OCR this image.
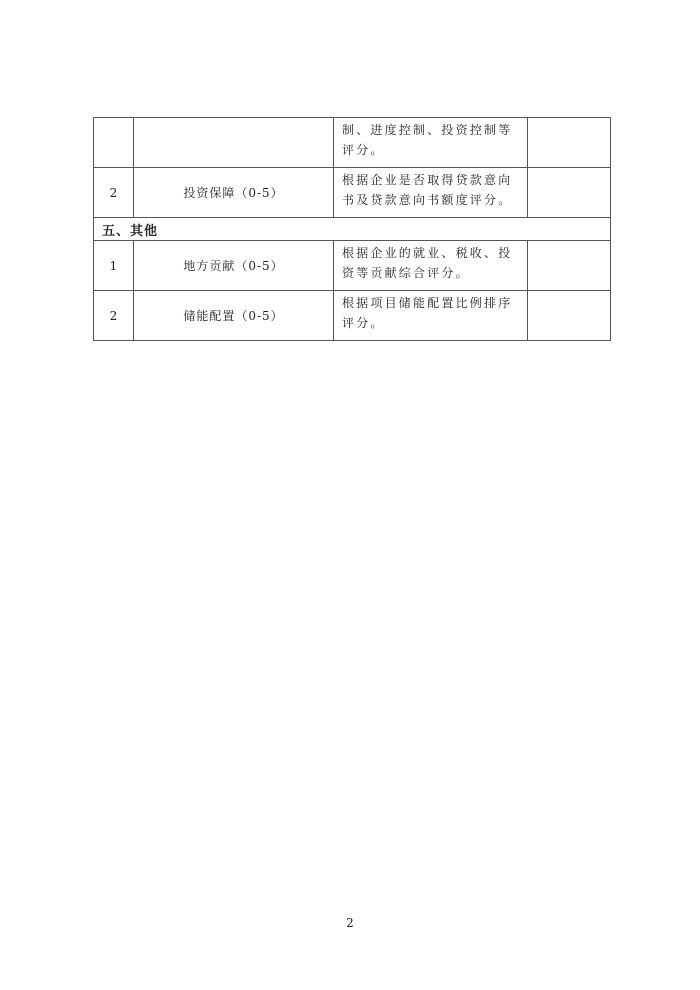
		制、进度控制、投资控制等
评分。	

2	投资保障（0-5）	根据企业是否取得贷款意向
书及贷款意向书额度评分。	

五、其他			
1	地方贡献（0-5）	根据企业的就业、税收、投
资等贡献综合评分。	

2	储能配置（0-5）	根据项目储能配置比例排序
评分。	

2
